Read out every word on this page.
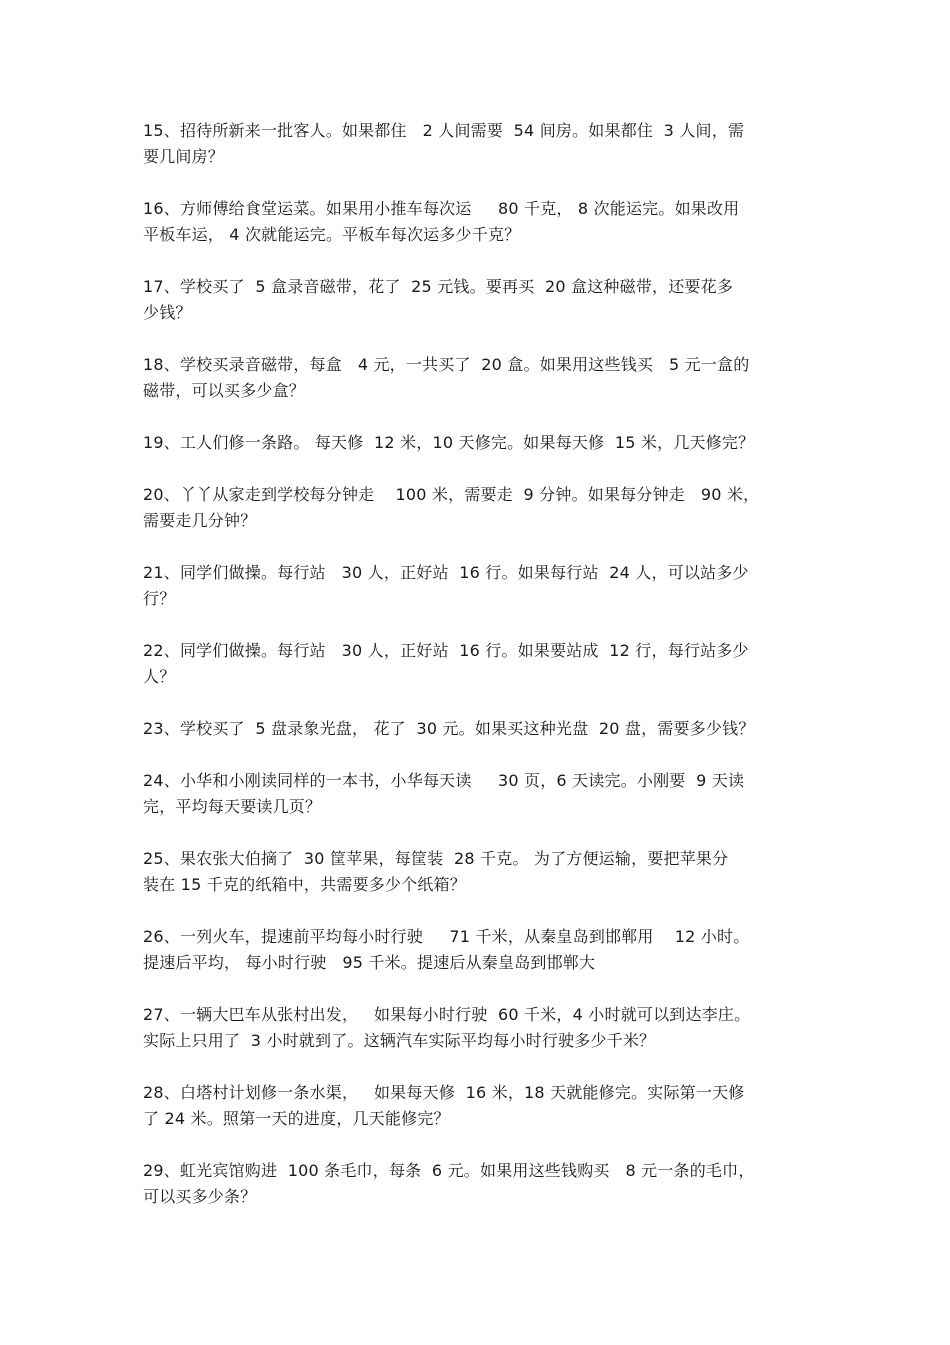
15、招待所新来一批客人。如果都住   2 人间需要  54 间房。如果都住  3 人间，需
要几间房？
16、方师傅给食堂运菜。如果用小推车每次运     80 千克， 8 次能运完。如果改用
平板车运， 4 次就能运完。平板车每次运多少千克？
17、学校买了  5 盒录音磁带，花了  25 元钱。要再买  20 盒这种磁带，还要花多
少钱？
18、学校买录音磁带，每盒   4 元，一共买了  20 盒。如果用这些钱买   5 元一盒的
磁带，可以买多少盒？
19、工人们修一条路。 每天修  12 米，10 天修完。如果每天修  15 米，几天修完？
20、丫丫从家走到学校每分钟走    100 米，需要走  9 分钟。如果每分钟走   90 米，
需要走几分钟？
21、同学们做操。每行站   30 人，正好站  16 行。如果每行站  24 人，可以站多少
行？
22、同学们做操。每行站   30 人，正好站  16 行。如果要站成  12 行，每行站多少
人？
23、学校买了  5 盘录象光盘， 花了  30 元。如果买这种光盘  20 盘，需要多少钱？
24、小华和小刚读同样的一本书，小华每天读     30 页，6 天读完。小刚要  9 天读
完，平均每天要读几页？
25、果农张大伯摘了  30 筐苹果，每筐装  28 千克。 为了方便运输，要把苹果分
装在 15 千克的纸箱中，共需要多少个纸箱？
26、一列火车，提速前平均每小时行驶     71 千米，从秦皇岛到邯郸用    12 小时。
提速后平均， 每小时行驶   95 千米。提速后从秦皇岛到邯郸大
27、一辆大巴车从张村出发，   如果每小时行驶  60 千米，4 小时就可以到达李庄。
实际上只用了  3 小时就到了。这辆汽车实际平均每小时行驶多少千米？
28、白塔村计划修一条水渠，   如果每天修  16 米，18 天就能修完。实际第一天修
了 24 米。照第一天的进度，几天能修完？
29、虹光宾馆购进  100 条毛巾，每条  6 元。如果用这些钱购买   8 元一条的毛巾，
可以买多少条？
